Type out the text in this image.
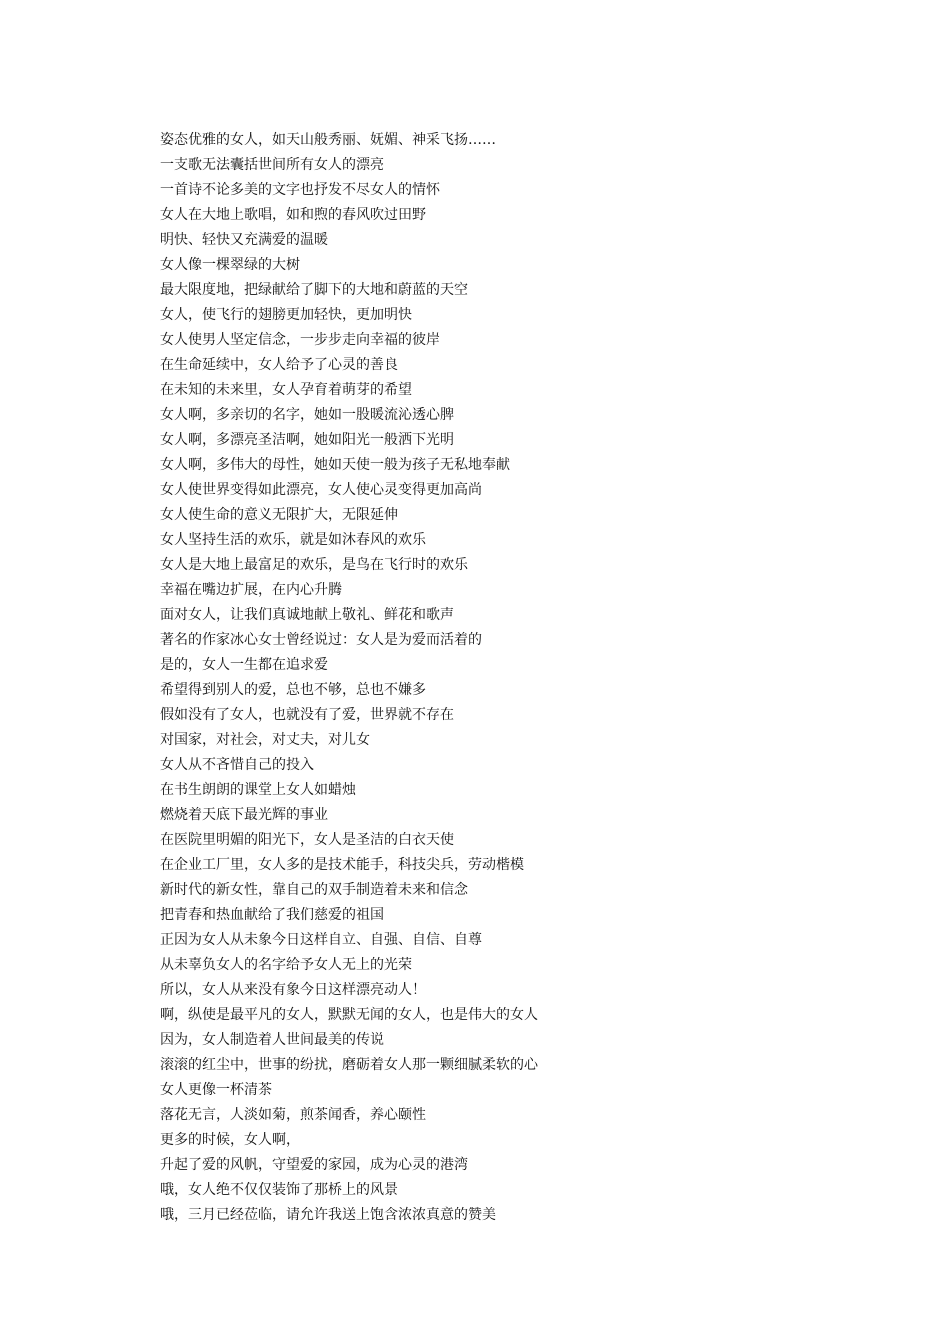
姿态优雅的女人，如天山般秀丽、妩媚、神采飞扬……
一支歌无法囊括世间所有女人的漂亮
一首诗不论多美的文字也抒发不尽女人的情怀
女人在大地上歌唱，如和煦的春风吹过田野
明快、轻快又充满爱的温暖
女人像一棵翠绿的大树
最大限度地，把绿献给了脚下的大地和蔚蓝的天空
女人，使飞行的翅膀更加轻快，更加明快
女人使男人坚定信念，一步步走向幸福的彼岸
在生命延续中，女人给予了心灵的善良
在未知的未来里，女人孕育着萌芽的希望
女人啊，多亲切的名字，她如一股暖流沁透心脾
女人啊，多漂亮圣洁啊，她如阳光一般洒下光明
女人啊，多伟大的母性，她如天使一般为孩子无私地奉献
女人使世界变得如此漂亮，女人使心灵变得更加高尚
女人使生命的意义无限扩大，无限延伸
女人坚持生活的欢乐，就是如沐春风的欢乐
女人是大地上最富足的欢乐，是鸟在飞行时的欢乐
幸福在嘴边扩展，在内心升腾
面对女人，让我们真诚地献上敬礼、鲜花和歌声
著名的作家冰心女士曾经说过：女人是为爱而活着的
是的，女人一生都在追求爱
希望得到别人的爱，总也不够，总也不嫌多
假如没有了女人，也就没有了爱，世界就不存在
对国家，对社会，对丈夫，对儿女
女人从不吝惜自己的投入
在书生朗朗的课堂上女人如蜡烛
燃烧着天底下最光辉的事业
在医院里明媚的阳光下，女人是圣洁的白衣天使
在企业工厂里，女人多的是技术能手，科技尖兵，劳动楷模
新时代的新女性，靠自己的双手制造着未来和信念
把青春和热血献给了我们慈爱的祖国
正因为女人从未象今日这样自立、自强、自信、自尊
从未辜负女人的名字给予女人无上的光荣
所以，女人从来没有象今日这样漂亮动人！
啊，纵使是最平凡的女人，默默无闻的女人，也是伟大的女人
因为，女人制造着人世间最美的传说
滚滚的红尘中，世事的纷扰，磨砺着女人那一颗细腻柔软的心
女人更像一杯清茶
落花无言，人淡如菊，煎茶闻香，养心颐性
更多的时候，女人啊，
升起了爱的风帆，守望爱的家园，成为心灵的港湾
哦，女人绝不仅仅装饰了那桥上的风景
哦，三月已经莅临，请允许我送上饱含浓浓真意的赞美
